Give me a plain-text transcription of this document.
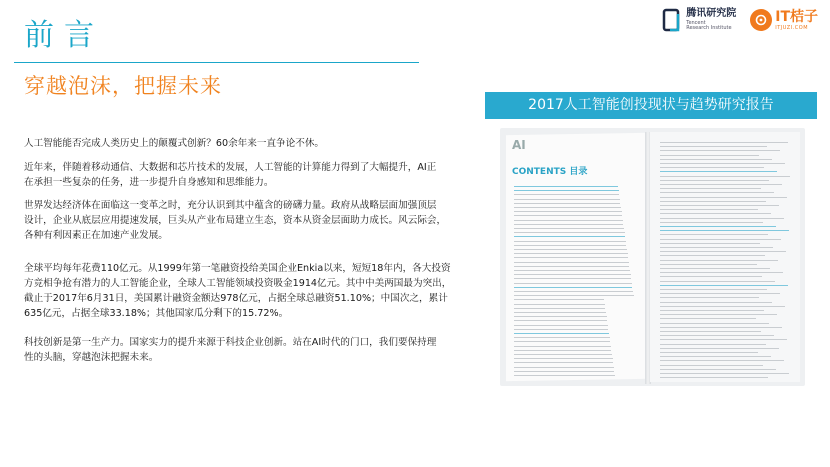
前言
穿越泡沫，把握未来
腾讯研究院
Tencent
Research Institute
IT桔子
ITJUZI.COM
2017人工智能创投现状与趋势研究报告
AI
CONTENTS 目录
人工智能能否完成人类历史上的颠覆式创新？60余年来一直争论不休。
近年来，伴随着移动通信、大数据和芯片技术的发展，人工智能的计算能力得到了大幅提升，AI正
在承担一些复杂的任务，进一步提升自身感知和思维能力。
世界发达经济体在面临这一变革之时，充分认识到其中蕴含的磅礴力量。政府从战略层面加强顶层
设计，企业从底层应用提速发展，巨头从产业布局建立生态，资本从资金层面助力成长。风云际会，
各种有利因素正在加速产业发展。
全球平均每年花费110亿元。从1999年第一笔融资投给美国企业Enkia以来，短短18年内，各大投资
方竞相争抢有潜力的人工智能企业，全球人工智能领域投资吸金1914亿元。其中中美两国最为突出，
截止于2017年6月31日，美国累计融资金额达978亿元，占据全球总融资51.10%；中国次之，累计
635亿元，占据全球33.18%；其他国家瓜分剩下的15.72%。
科技创新是第一生产力。国家实力的提升来源于科技企业创新。站在AI时代的门口，我们要保持理
性的头脑，穿越泡沫把握未来。
